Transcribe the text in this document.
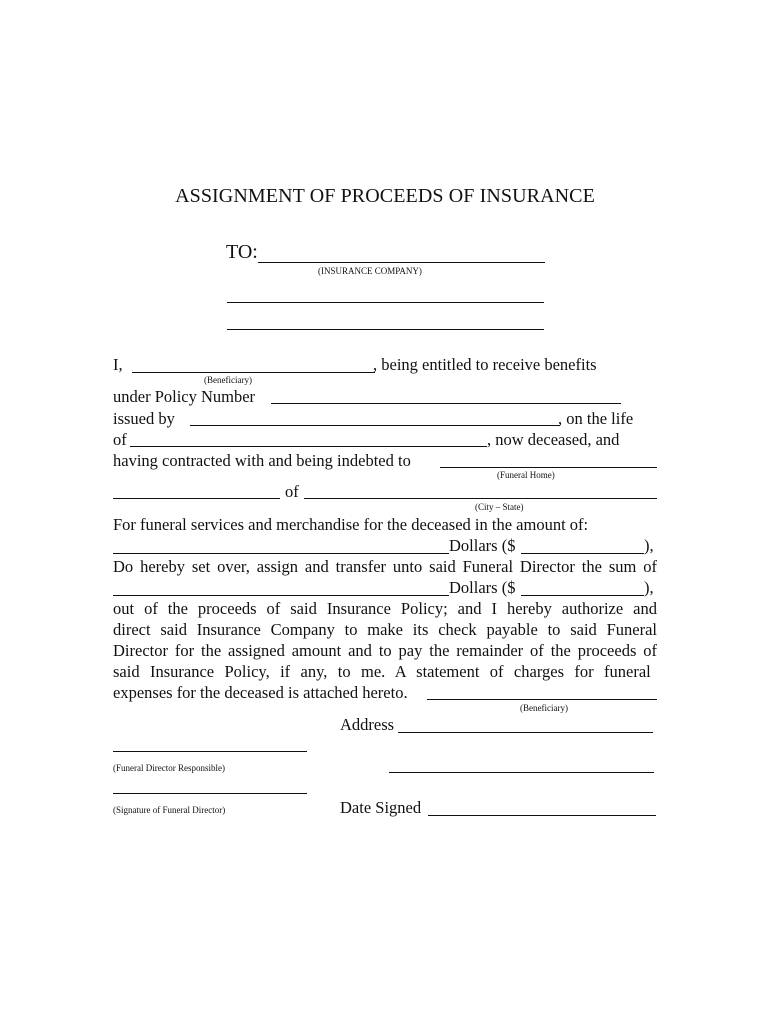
ASSIGNMENT OF PROCEEDS OF INSURANCE
TO:
(INSURANCE COMPANY)
I,	, being entitled to receive benefits
(Beneficiary)
under Policy Number
issued by	, on the life
of	, now deceased, and
having contracted with and being indebted to
(Funeral Home)
of
(City – State)
For funeral services and merchandise for the deceased in the amount of:
Dollars ($	),
Do hereby set over, assign and transfer unto said Funeral Director the sum of
Dollars ($	),
out of the proceeds of said Insurance Policy; and I hereby authorize and
direct said Insurance Company to make its check payable to said Funeral
Director for the assigned amount and to pay the remainder of the proceeds of
said Insurance Policy, if any, to me. A statement of charges for funeral
expenses for the deceased is attached hereto.
(Beneficiary)
Address
(Funeral Director Responsible)
(Signature of Funeral Director)	Date Signed
